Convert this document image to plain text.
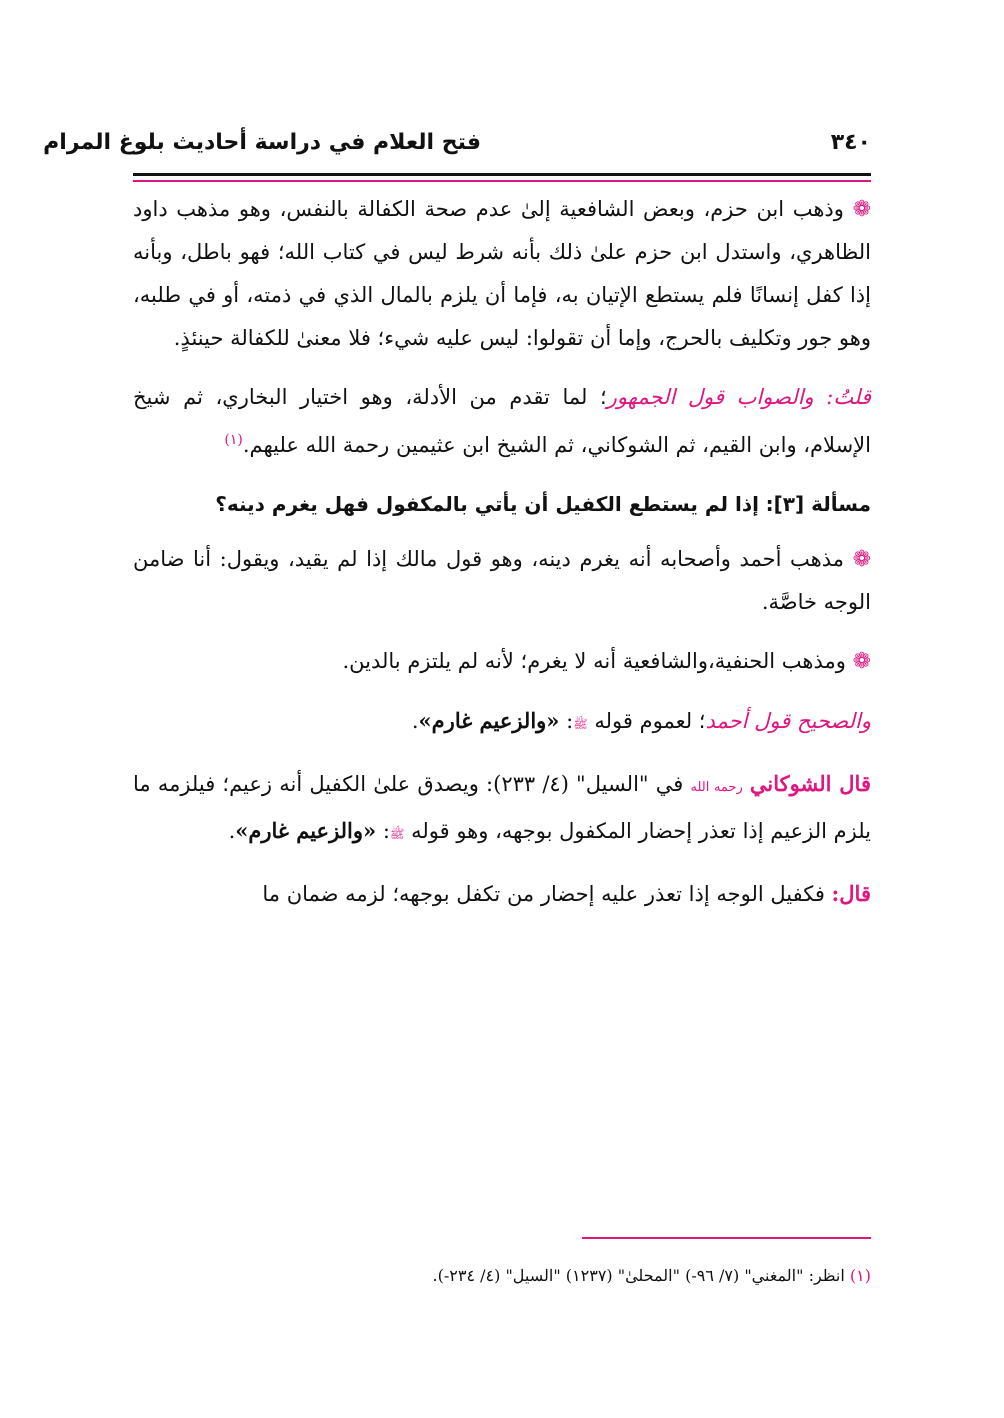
فتح العلام في دراسة أحاديث بلوغ المرام	٣٤٠

❁ وذهب ابن حزم، وبعض الشافعية إلىٰ عدم صحة الكفالة بالنفس، وهو مذهب داود الظاهري، واستدل ابن حزم علىٰ ذلك بأنه شرط ليس في كتاب الله؛ فهو باطل، وبأنه إذا كفل إنسانًا فلم يستطع الإتيان به، فإما أن يلزم بالمال الذي في ذمته، أو في طلبه، وهو جور وتكليف بالحرج، وإما أن تقولوا: ليس عليه شيء؛ فلا معنىٰ للكفالة حينئذٍ.

قلتُ: والصواب قول الجمهور؛ لما تقدم من الأدلة، وهو اختيار البخاري، ثم شيخ الإسلام، وابن القيم، ثم الشوكاني، ثم الشيخ ابن عثيمين رحمة الله عليهم.$^{(١)}$

مسألة [٣]: إذا لم يستطع الكفيل أن يأتي بالمكفول فهل يغرم دينه؟

❁ مذهب أحمد وأصحابه أنه يغرم دينه، وهو قول مالك إذا لم يقيد، ويقول: أنا ضامن الوجه خاصَّة.

❁ ومذهب الحنفية،والشافعية أنه لا يغرم؛ لأنه لم يلتزم بالدين.

والصحيح قول أحمد؛ لعموم قوله ﷺ: «والزعيم غارم».

قال الشوكاني رحمه الله في "السيل" (٤/ ٢٣٣): ويصدق علىٰ الكفيل أنه زعيم؛ فيلزمه ما يلزم الزعيم إذا تعذر إحضار المكفول بوجهه، وهو قوله ﷺ: «والزعيم غارم».

قال: فكفيل الوجه إذا تعذر عليه إحضار من تكفل بوجهه؛ لزمه ضمان ما

(١) انظر: "المغني" (٧/ ٩٦-) "المحلىٰ" (١٢٣٧) "السيل" (٤/ ٢٣٤-).
